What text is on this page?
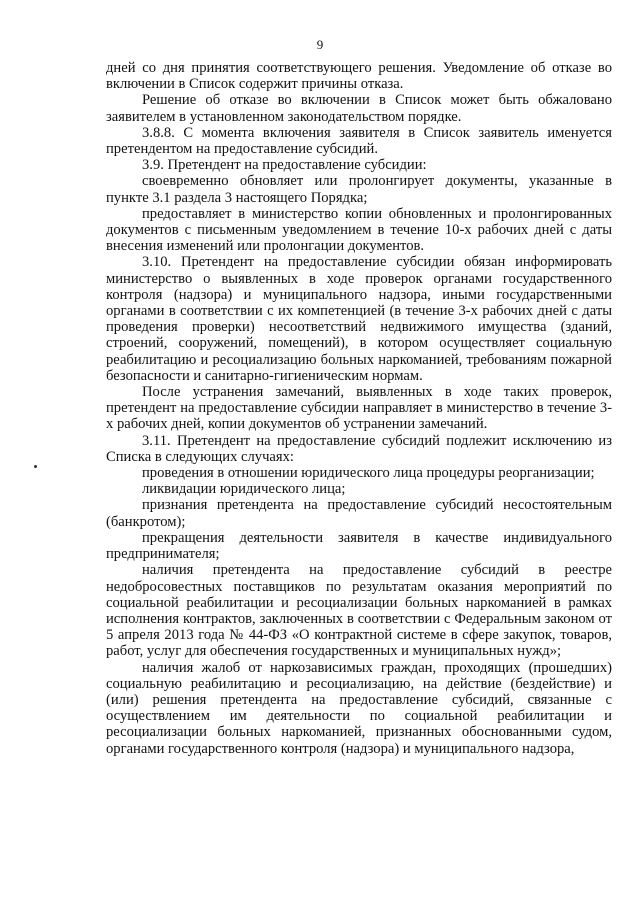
9

дней со дня принятия соответствующего решения. Уведомление об отказе во включении в Список содержит причины отказа.

Решение об отказе во включении в Список может быть обжаловано заявителем в установленном законодательством порядке.

3.8.8. С момента включения заявителя в Список заявитель именуется претендентом на предоставление субсидий.

3.9. Претендент на предоставление субсидии:

своевременно обновляет или пролонгирует документы, указанные в пункте 3.1 раздела 3 настоящего Порядка;

предоставляет в министерство копии обновленных и пролонгированных документов с письменным уведомлением в течение 10-х рабочих дней с даты внесения изменений или пролонгации документов.

3.10. Претендент на предоставление субсидии обязан информировать министерство о выявленных в ходе проверок органами государственного контроля (надзора) и муниципального надзора, иными государственными органами в соответствии с их компетенцией (в течение 3-х рабочих дней с даты проведения проверки) несоответствий недвижимого имущества (зданий, строений, сооружений, помещений), в котором осуществляет социальную реабилитацию и ресоциализацию больных наркоманией, требованиям пожарной безопасности и санитарно-гигиеническим нормам.

После устранения замечаний, выявленных в ходе таких проверок, претендент на предоставление субсидии направляет в министерство в течение 3-х рабочих дней, копии документов об устранении замечаний.

3.11. Претендент на предоставление субсидий подлежит исключению из Списка в следующих случаях:

проведения в отношении юридического лица процедуры реорганизации;

ликвидации юридического лица;

признания претендента на предоставление субсидий несостоятельным (банкротом);

прекращения деятельности заявителя в качестве индивидуального предпринимателя;

наличия претендента на предоставление субсидий в реестре недобросовестных поставщиков по результатам оказания мероприятий по социальной реабилитации и ресоциализации больных наркоманией в рамках исполнения контрактов, заключенных в соответствии с Федеральным законом от 5 апреля 2013 года № 44-ФЗ «О контрактной системе в сфере закупок, товаров, работ, услуг для обеспечения государственных и муниципальных нужд»;

наличия жалоб от наркозависимых граждан, проходящих (прошедших) социальную реабилитацию и ресоциализацию, на действие (бездействие) и (или) решения претендента на предоставление субсидий, связанные с осуществлением им деятельности по социальной реабилитации и ресоциализации больных наркоманией, признанных обоснованными судом, органами государственного контроля (надзора) и муниципального надзора,
